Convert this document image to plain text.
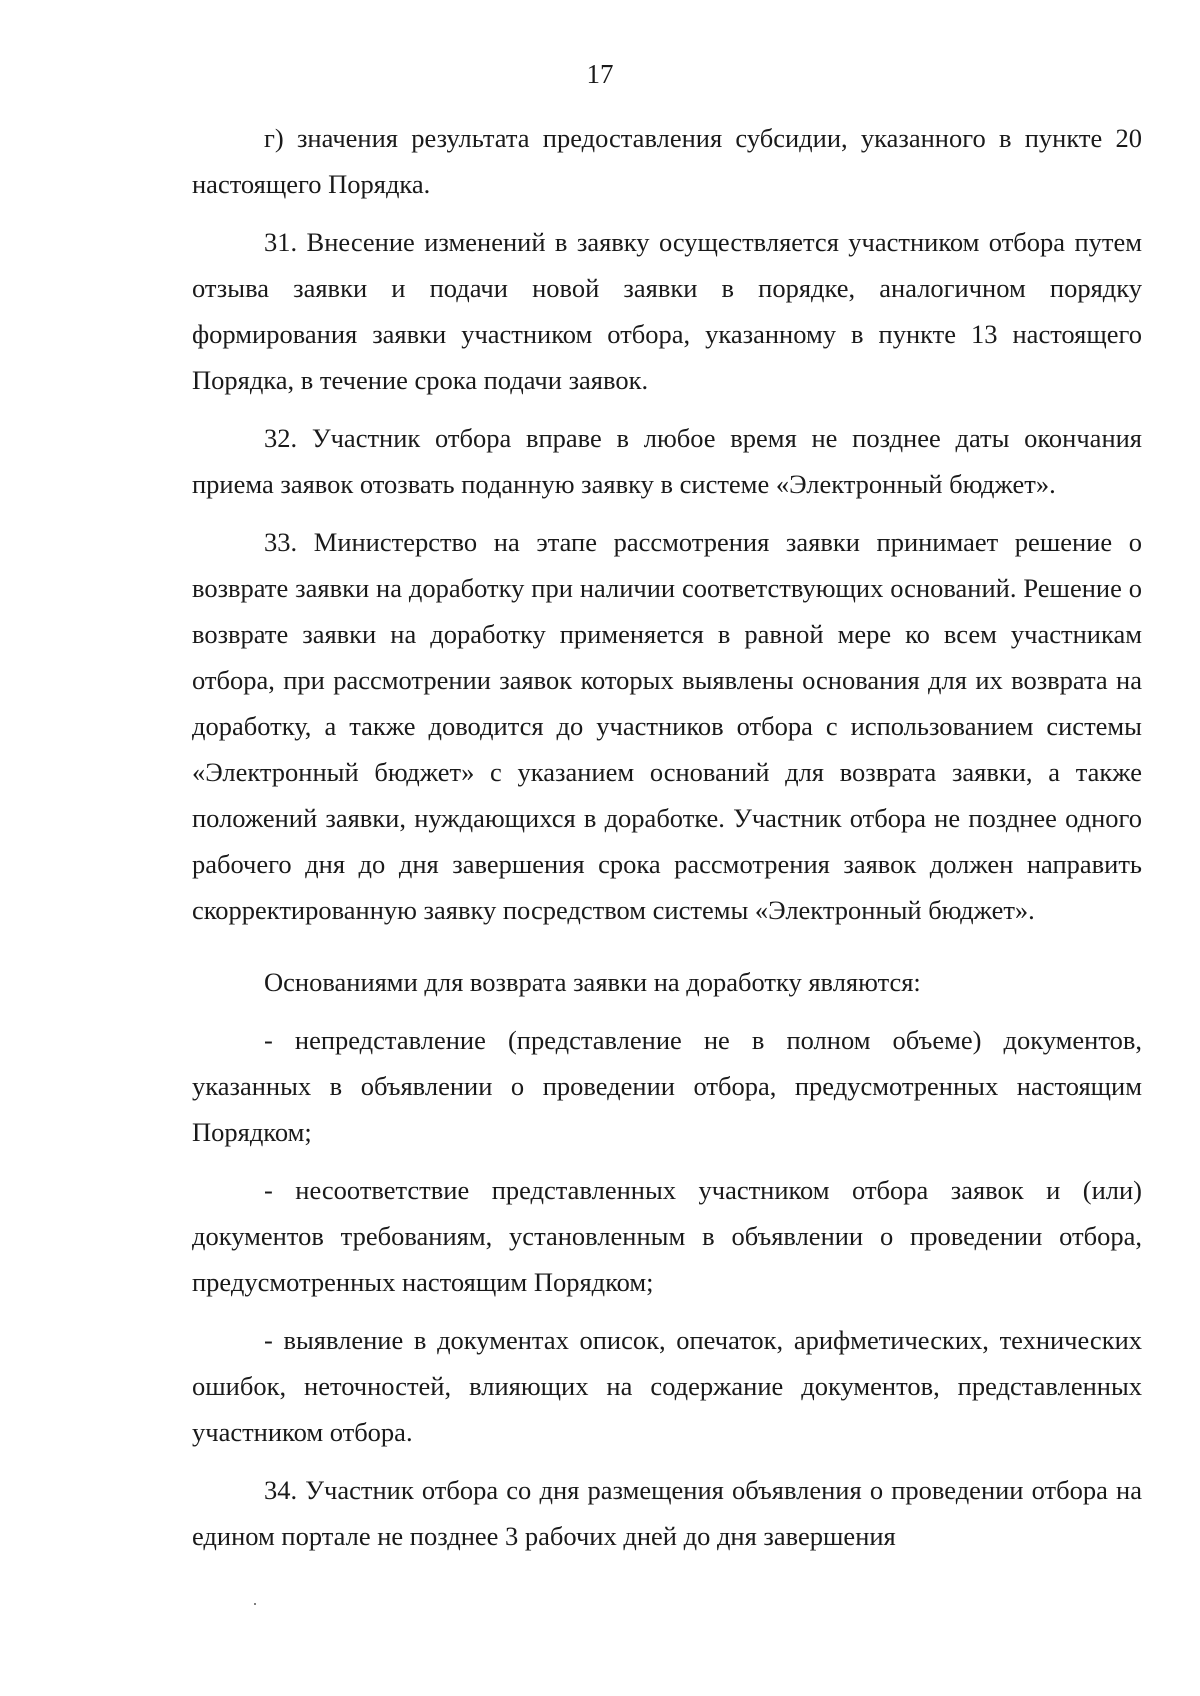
17

г) значения результата предоставления субсидии, указанного в пункте 20 настоящего Порядка.

31. Внесение изменений в заявку осуществляется участником отбора путем отзыва заявки и подачи новой заявки в порядке, аналогичном порядку формирования заявки участником отбора, указанному в пункте 13 настоящего Порядка, в течение срока подачи заявок.

32. Участник отбора вправе в любое время не позднее даты окончания приема заявок отозвать поданную заявку в системе «Электронный бюджет».

33. Министерство на этапе рассмотрения заявки принимает решение о возврате заявки на доработку при наличии соответствующих оснований. Решение о возврате заявки на доработку применяется в равной мере ко всем участникам отбора, при рассмотрении заявок которых выявлены основания для их возврата на доработку, а также доводится до участников отбора с использованием системы «Электронный бюджет» с указанием оснований для возврата заявки, а также положений заявки, нуждающихся в доработке. Участник отбора не позднее одного рабочего дня до дня завершения срока рассмотрения заявок должен направить скорректированную заявку посредством системы «Электронный бюджет».

Основаниями для возврата заявки на доработку являются:

- непредставление (представление не в полном объеме) документов, указанных в объявлении о проведении отбора, предусмотренных настоящим Порядком;

- несоответствие представленных участником отбора заявок и (или) документов требованиям, установленным в объявлении о проведении отбора, предусмотренных настоящим Порядком;

- выявление в документах описок, опечаток, арифметических, технических ошибок, неточностей, влияющих на содержание документов, представленных участником отбора.

34. Участник отбора со дня размещения объявления о проведении отбора на едином портале не позднее 3 рабочих дней до дня завершения
